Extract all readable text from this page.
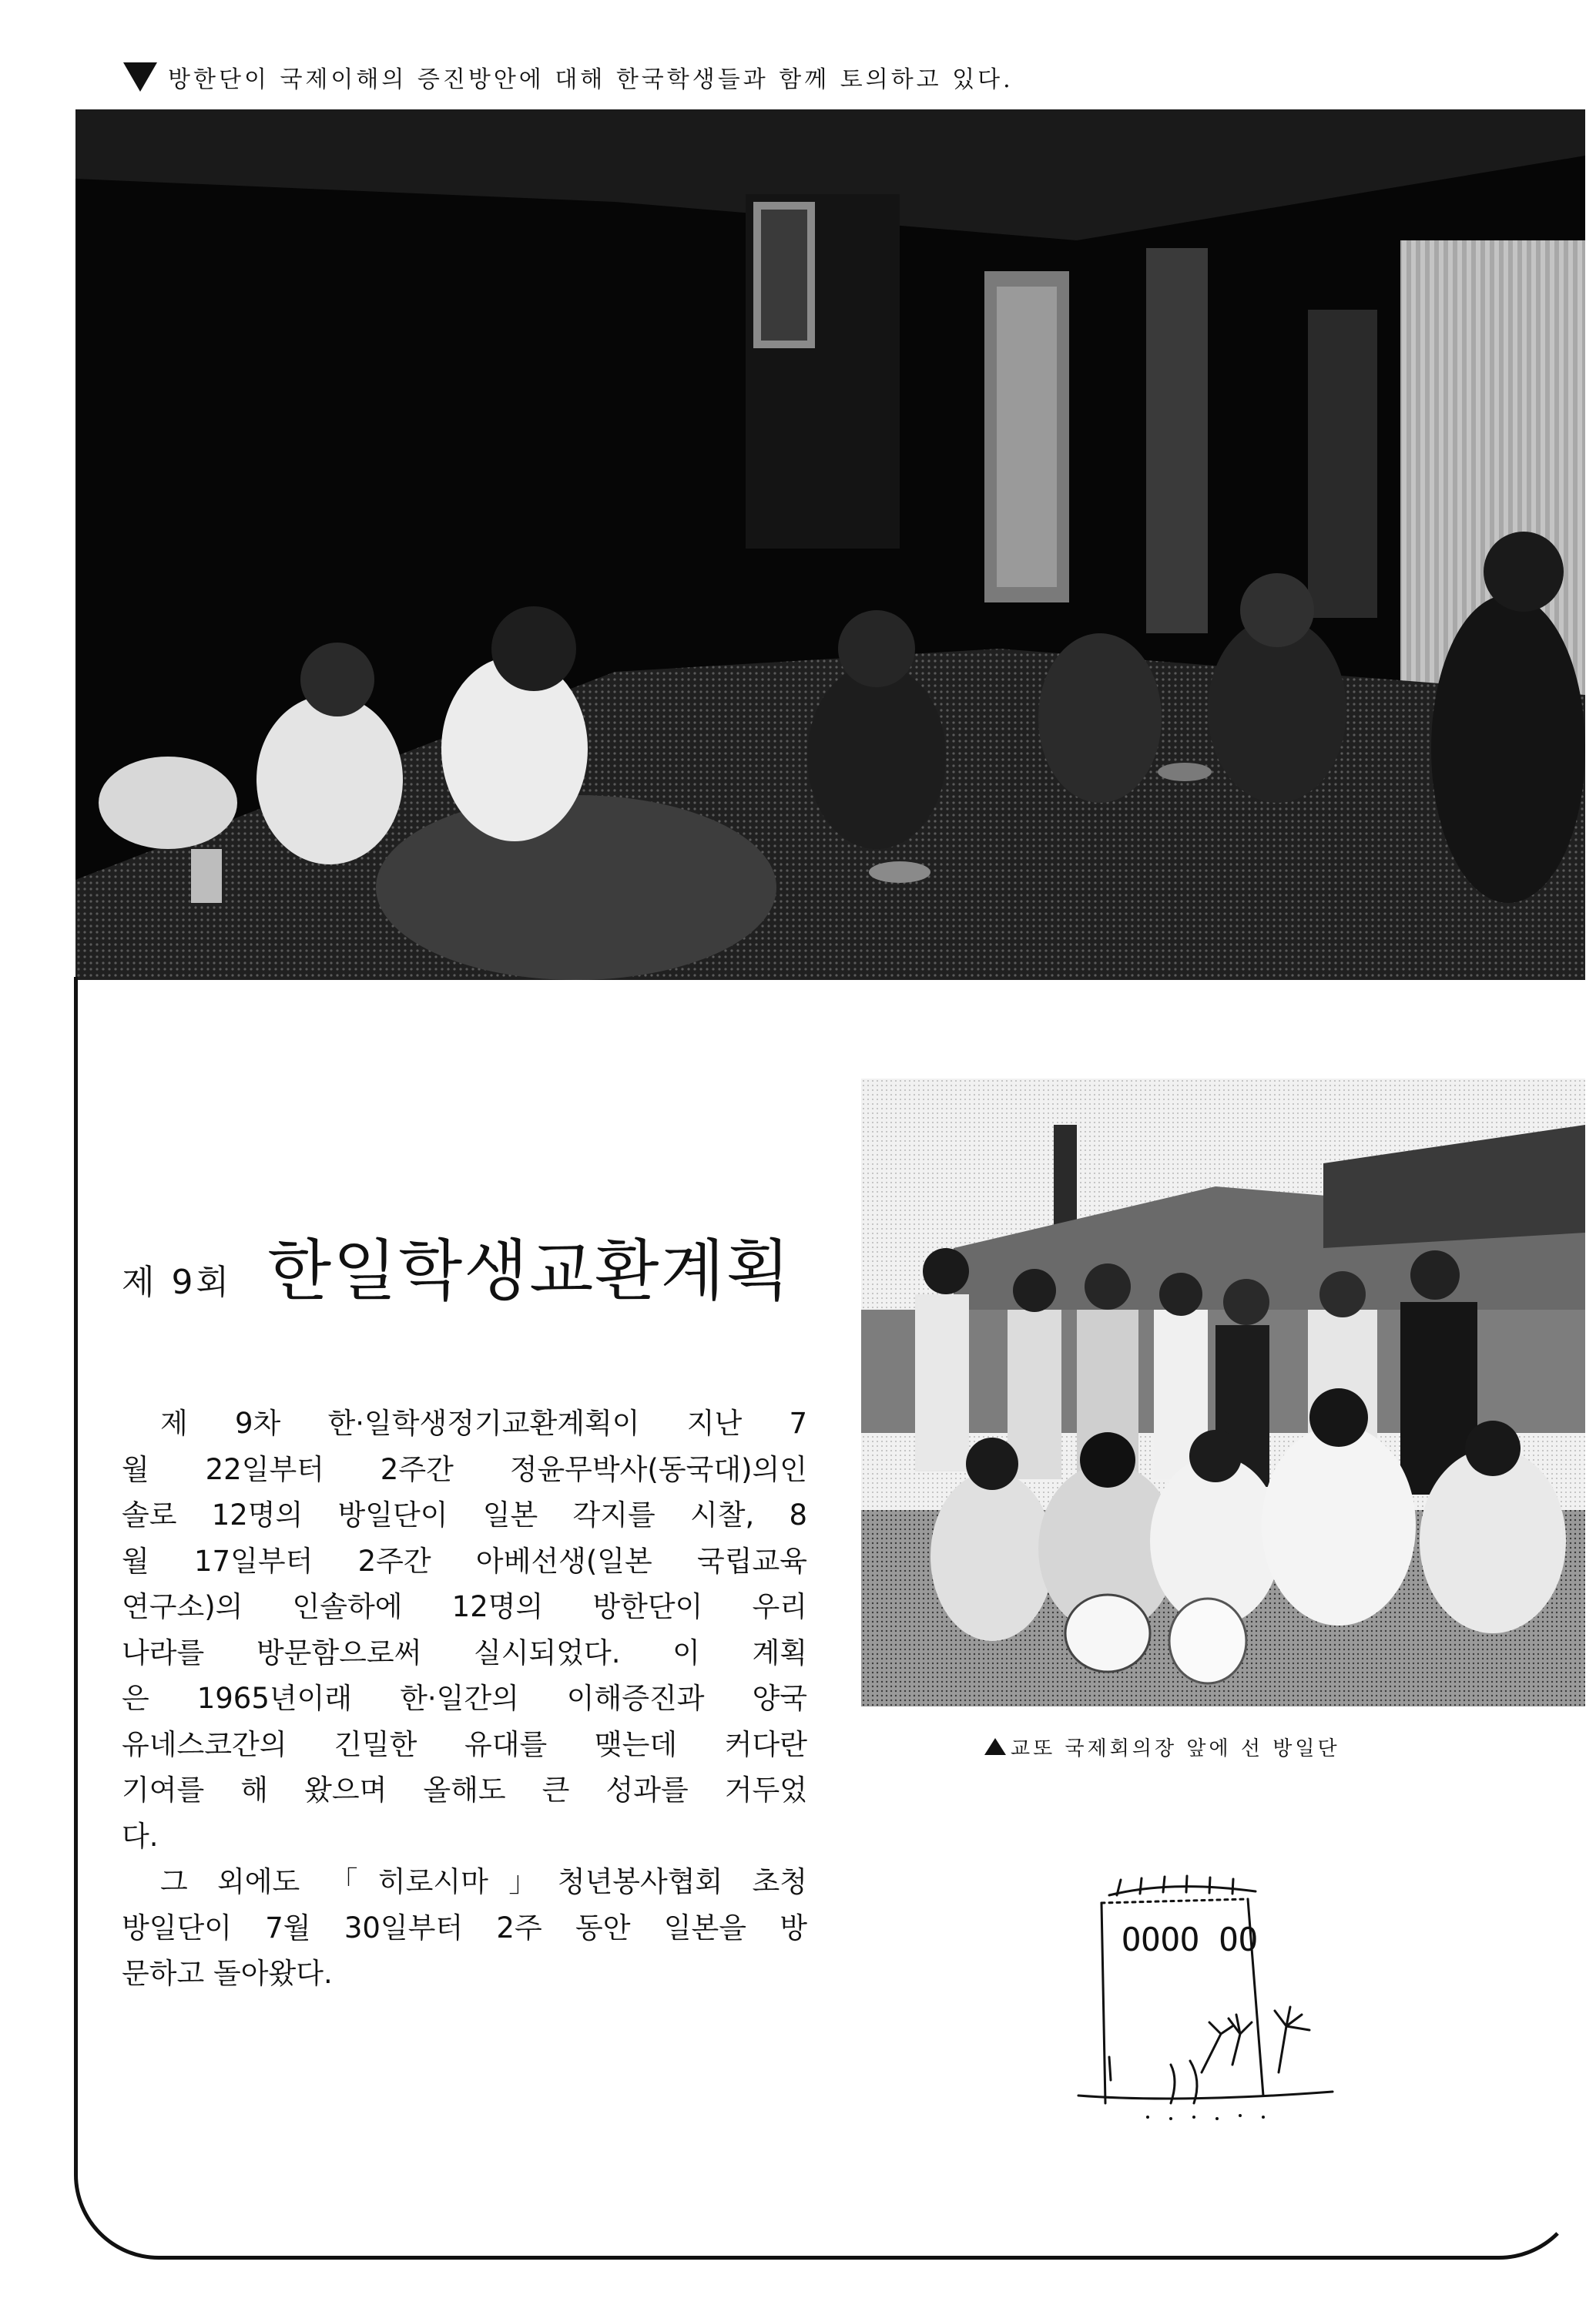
방한단이 국제이해의 증진방안에 대해 한국학생들과 함께 토의하고 있다.
제 9회 한일학생교환계획

제 9차 한·일학생정기교환계획이 지난 7

월 22일부터 2주간 정윤무박사(동국대)의인

솔로 12명의 방일단이 일본 각지를 시찰, 8

월 17일부터 2주간 아베선생(일본 국립교육

연구소)의 인솔하에 12명의 방한단이 우리

나라를 방문함으로써 실시되었다. 이 계획

은 1965년이래 한·일간의 이해증진과 양국

유네스코간의 긴밀한 유대를 맺는데 커다란

기여를 해 왔으며 올해도 큰 성과를 거두었

다.

그 외에도 「히로시마」청년봉사협회 초청

방일단이 7월 30일부터 2주 동안 일본을 방

문하고 돌아왔다.

교또 국제회의장 앞에 선 방일단
OOOO OO
